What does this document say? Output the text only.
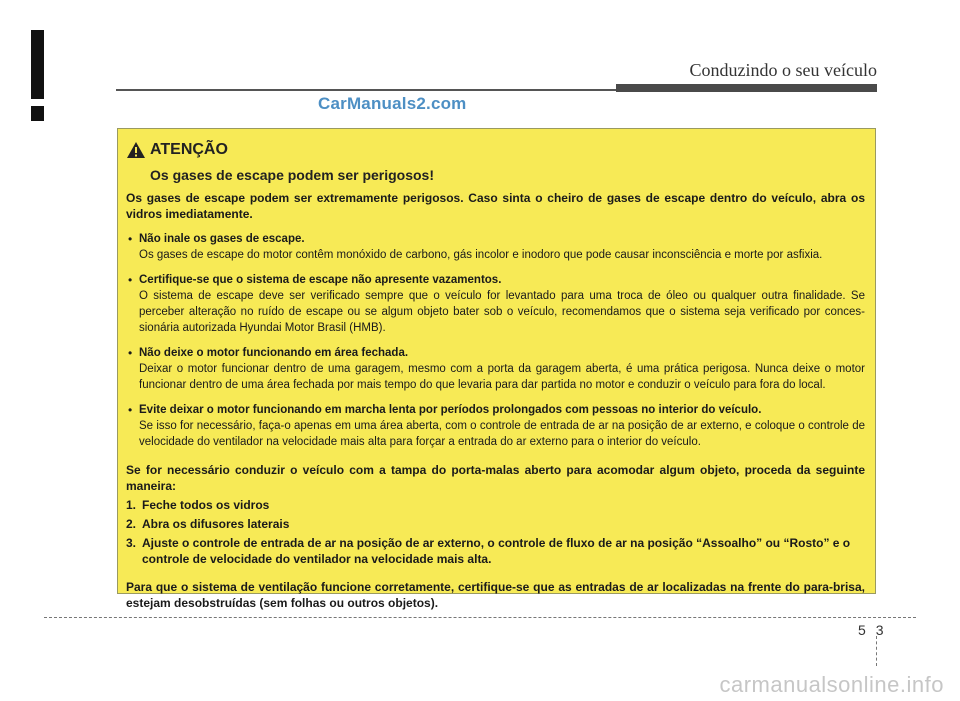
Conduzindo o seu veículo
CarManuals2.com
ATENÇÃO
Os gases de escape podem ser perigosos!
Os gases de escape podem ser extremamente perigosos. Caso sinta o cheiro de gases de escape dentro do veículo, abra os vidros imediatamente.
• Não inale os gases de escape.
Os gases de escape do motor contêm monóxido de carbono, gás incolor e inodoro que pode causar inconsciência e morte por asfixia.
• Certifique-se que o sistema de escape não apresente vazamentos.
O sistema de escape deve ser verificado sempre que o veículo for levantado para uma troca de óleo ou qualquer outra finalidade. Se perceber alteração no ruído de escape ou se algum objeto bater sob o veículo, recomendamos que o sistema seja verificado por conces-sionária autorizada Hyundai Motor Brasil (HMB).
• Não deixe o motor funcionando em área fechada.
Deixar o motor funcionar dentro de uma garagem, mesmo com a porta da garagem aberta, é uma prática perigosa. Nunca deixe o motor funcionar dentro de uma área fechada por mais tempo do que levaria para dar partida no motor e conduzir o veículo para fora do local.
• Evite deixar o motor funcionando em marcha lenta por períodos prolongados com pessoas no interior do veículo.
Se isso for necessário, faça-o apenas em uma área aberta, com o controle de entrada de ar na posição de ar externo, e coloque o controle de velocidade do ventilador na velocidade mais alta para forçar a entrada do ar externo para o interior do veículo.
Se for necessário conduzir o veículo com a tampa do porta-malas aberto para acomodar algum objeto, proceda da seguinte maneira:
1. Feche todos os vidros
2. Abra os difusores laterais
3. Ajuste o controle de entrada de ar na posição de ar externo, o controle de fluxo de ar na posição “Assoalho” ou “Rosto” e o controle de velocidade do ventilador na velocidade mais alta.
Para que o sistema de ventilação funcione corretamente, certifique-se que as entradas de ar localizadas na frente do para-brisa, estejam desobstruídas (sem folhas ou outros objetos).
5 3
carmanualsonline.info
